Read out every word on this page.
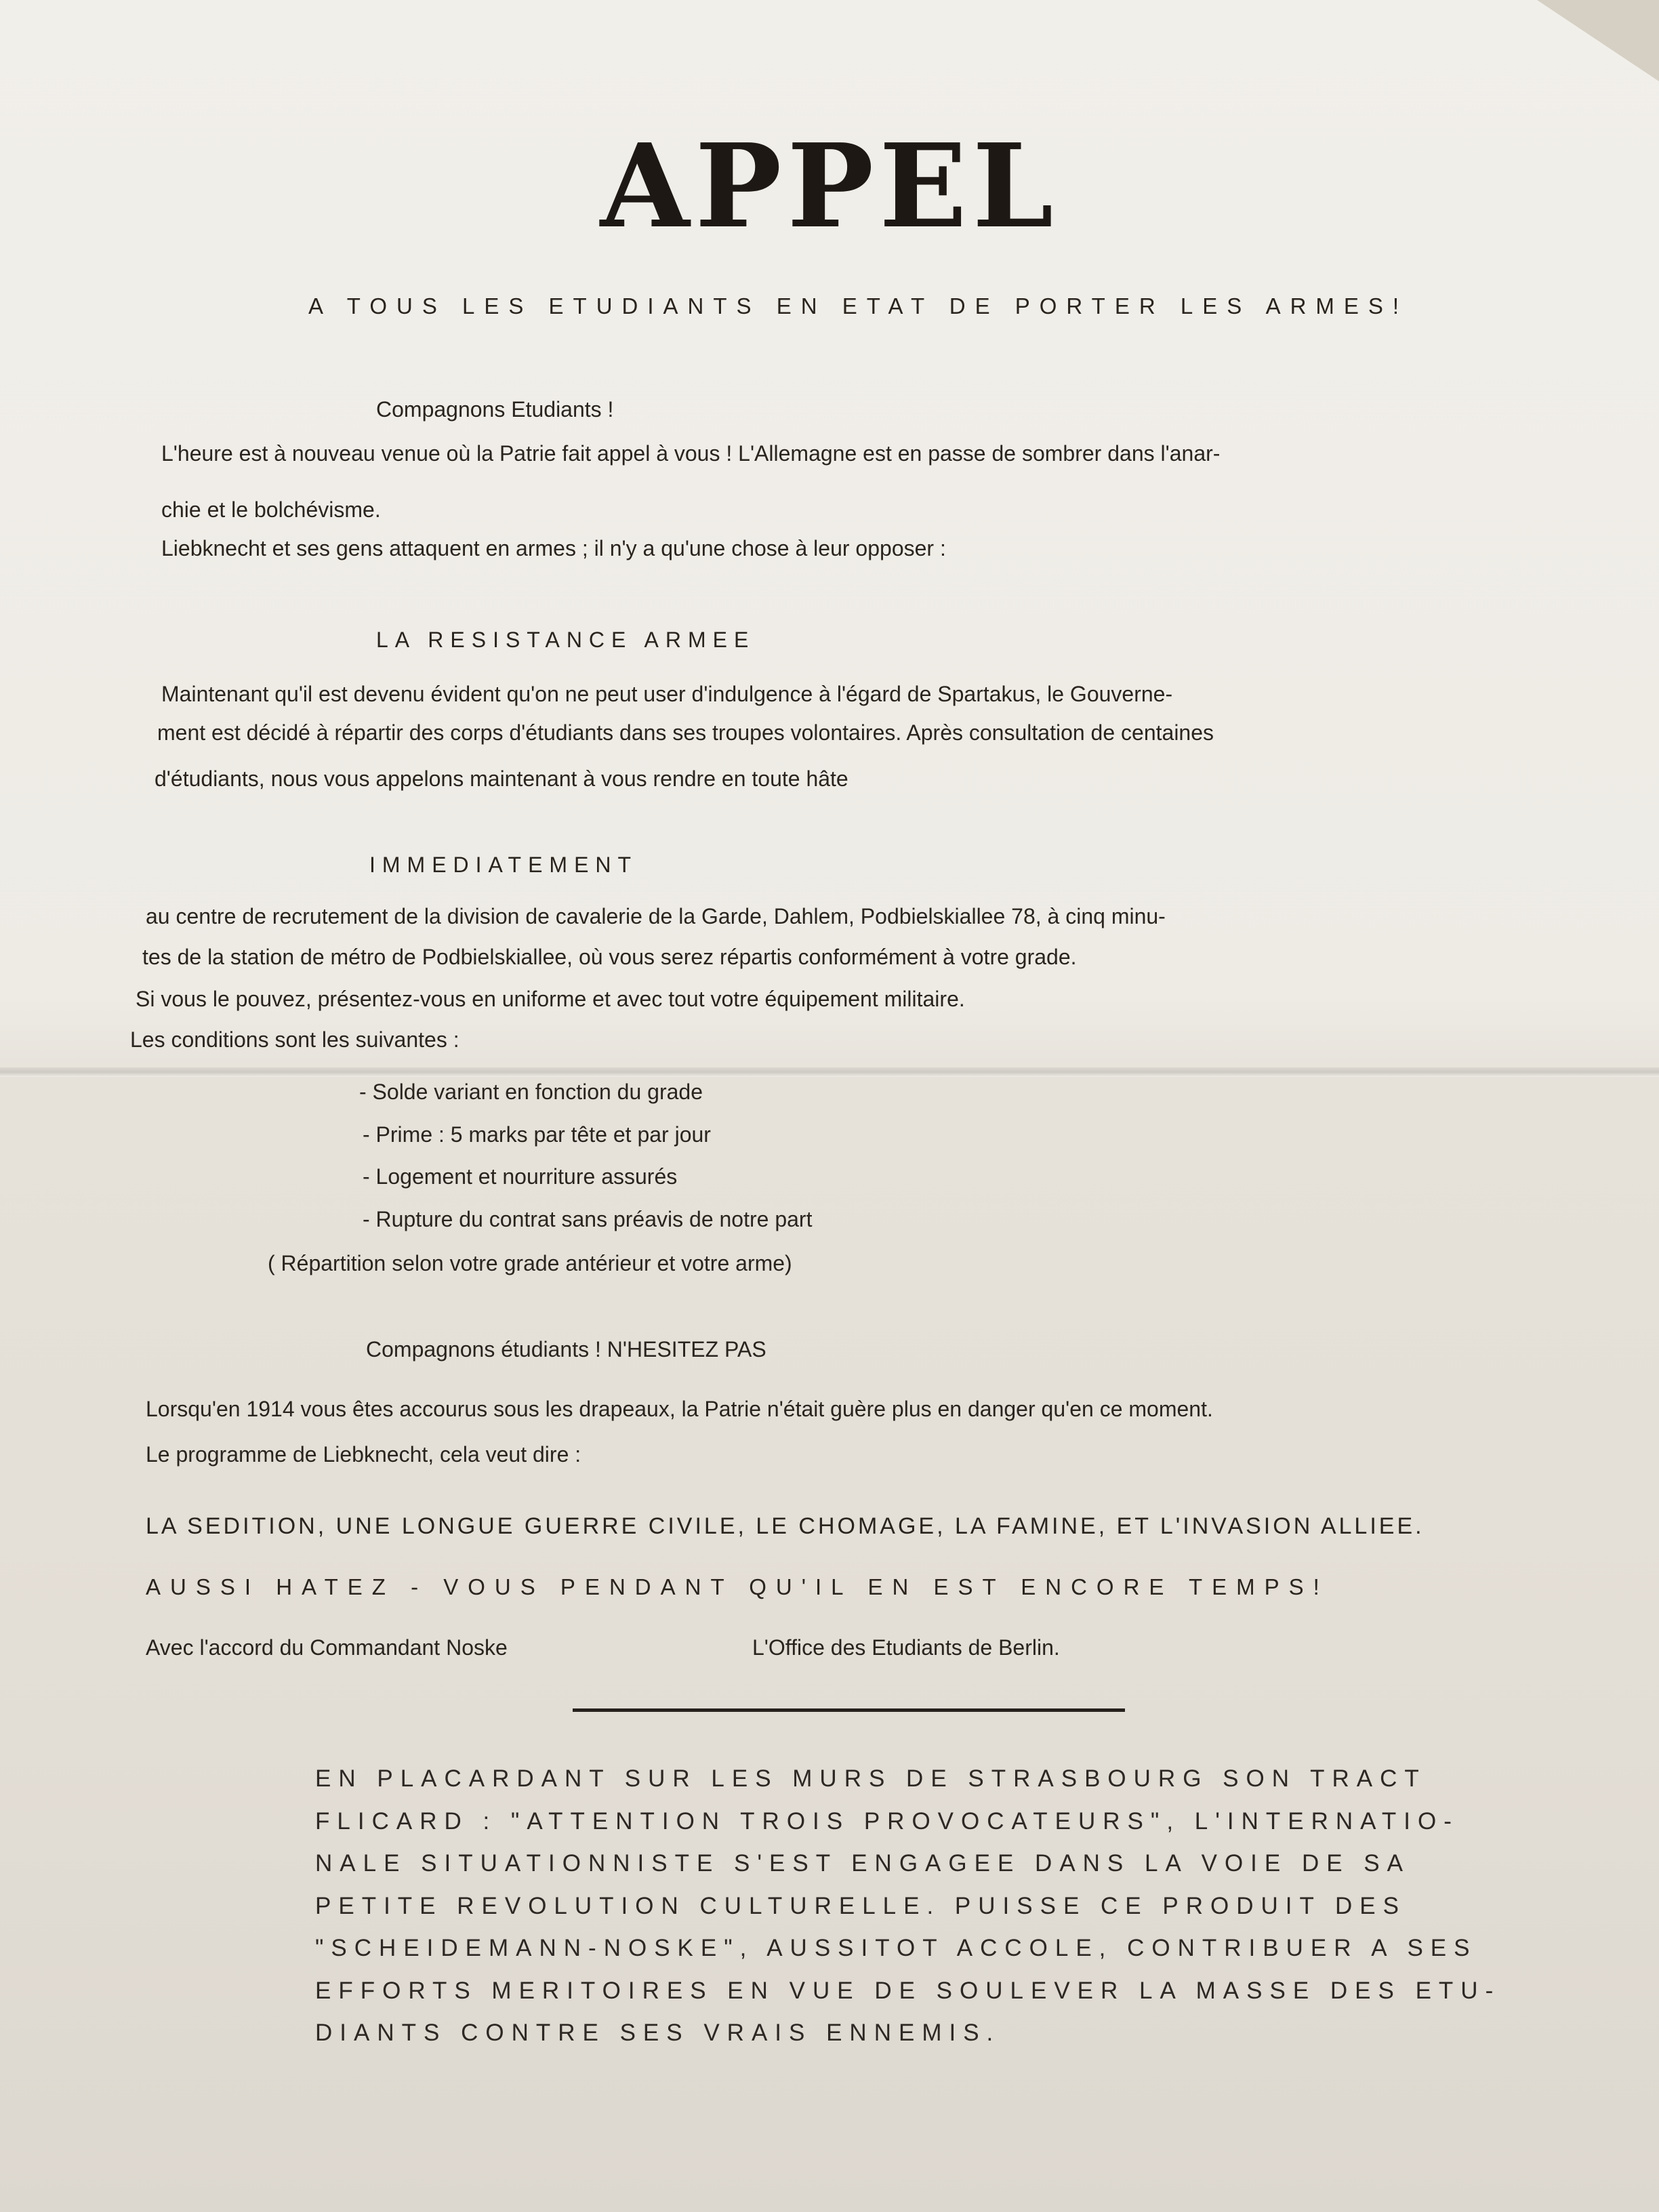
APPEL
A TOUS LES ETUDIANTS EN ETAT DE PORTER LES ARMES!
Compagnons Etudiants !
L'heure est à nouveau venue où la Patrie fait appel à vous ! L'Allemagne est en passe de sombrer dans l'anar-
chie et le bolchévisme.
Liebknecht et ses gens attaquent en armes ; il n'y a qu'une chose à leur opposer :
LA RESISTANCE ARMEE
Maintenant qu'il est devenu évident qu'on ne peut user d'indulgence à l'égard de Spartakus, le Gouverne-
ment est décidé à répartir des corps d'étudiants dans ses troupes volontaires. Après consultation de centaines
d'étudiants, nous vous appelons maintenant à vous rendre en toute hâte
IMMEDIATEMENT
au centre de recrutement de la division de cavalerie de la Garde, Dahlem, Podbielskiallee 78, à cinq minu-
tes de la station de métro de Podbielskiallee, où vous serez répartis conformément à votre grade.
Si vous le pouvez, présentez-vous en uniforme et avec tout votre équipement militaire.
Les conditions sont les suivantes :
- Solde variant en fonction du grade
- Prime : 5 marks par tête et par jour
- Logement et nourriture assurés
- Rupture du contrat sans préavis de notre part
( Répartition selon votre grade antérieur et votre arme)
Compagnons étudiants ! N'HESITEZ PAS
Lorsqu'en 1914 vous êtes accourus sous les drapeaux, la Patrie n'était guère plus en danger qu'en ce moment.
Le programme de Liebknecht, cela veut dire :
LA SEDITION, UNE LONGUE GUERRE CIVILE, LE CHOMAGE, LA FAMINE, ET L'INVASION ALLIEE.
AUSSI HATEZ - VOUS PENDANT QU'IL EN EST ENCORE TEMPS!
Avec l'accord du Commandant Noske	L'Office des Etudiants de Berlin.
EN PLACARDANT SUR LES MURS DE STRASBOURG SON TRACT
FLICARD : "ATTENTION TROIS PROVOCATEURS", L'INTERNATIO-
NALE SITUATIONNISTE S'EST ENGAGEE DANS LA VOIE DE SA
PETITE REVOLUTION CULTURELLE. PUISSE CE PRODUIT DES
"SCHEIDEMANN-NOSKE", AUSSITOT ACCOLE, CONTRIBUER A SES
EFFORTS MERITOIRES EN VUE DE SOULEVER LA MASSE DES ETU-
DIANTS CONTRE SES VRAIS ENNEMIS.
